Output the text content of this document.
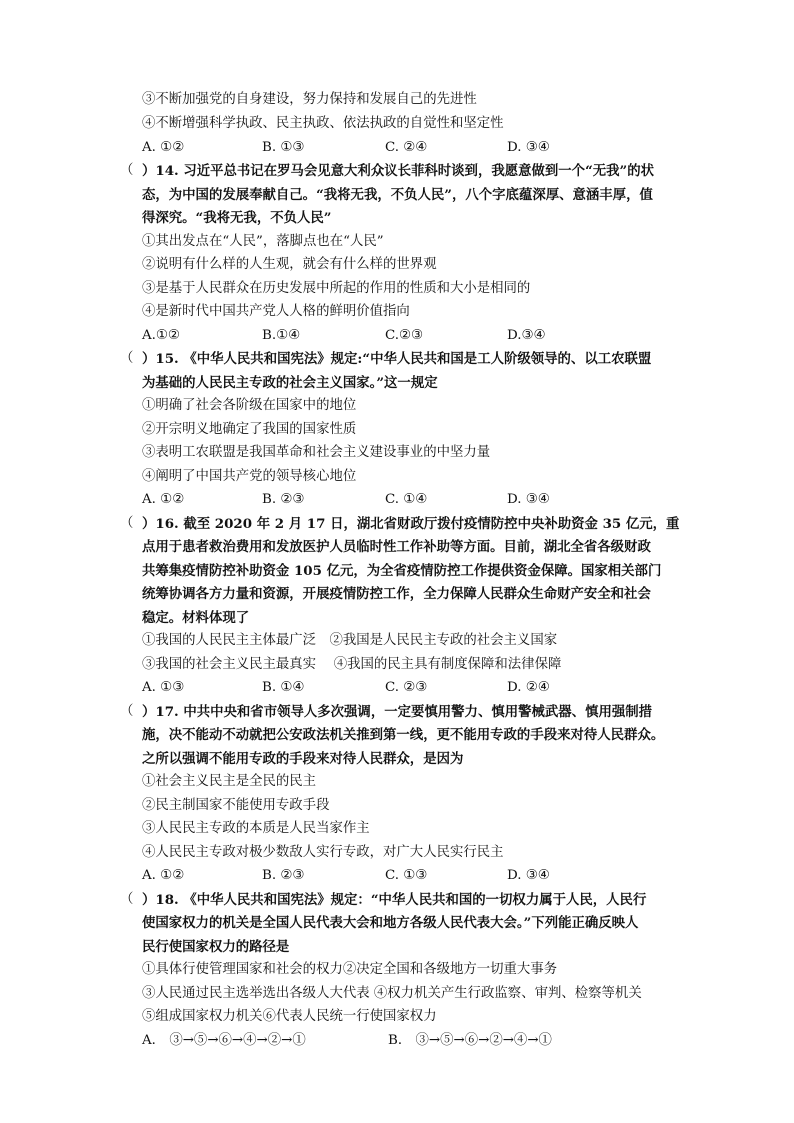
③不断加强党的自身建设，努力保持和发展自己的先进性
④不断增强科学执政、民主执政、依法执政的自觉性和坚定性
A. ①②	B. ①③	C. ②④	D. ③④
（ ）14. 习近平总书记在罗马会见意大利众议长菲科时谈到，我愿意做到一个“无我”的状
态，为中国的发展奉献自己。“我将无我，不负人民”，八个字底蕴深厚、意涵丰厚，值
得深究。“我将无我，不负人民”
①其出发点在“人民”，落脚点也在“人民”
②说明有什么样的人生观，就会有什么样的世界观
③是基于人民群众在历史发展中所起的作用的性质和大小是相同的
④是新时代中国共产党人人格的鲜明价值指向
A.①②	B.①④	C.②③	D.③④
（ ）15. 《中华人民共和国宪法》规定:“中华人民共和国是工人阶级领导的、以工农联盟
为基础的人民民主专政的社会主义国家。”这一规定
①明确了社会各阶级在国家中的地位
②开宗明义地确定了我国的国家性质
③表明工农联盟是我国革命和社会主义建设事业的中坚力量
④阐明了中国共产党的领导核心地位
A. ①②	B. ②③	C. ①④	D. ③④
（ ）16. 截至 2020 年 2 月 17 日，湖北省财政厅拨付疫情防控中央补助资金 35 亿元，重
点用于患者救治费用和发放医护人员临时性工作补助等方面。目前，湖北全省各级财政
共筹集疫情防控补助资金 105 亿元，为全省疫情防控工作提供资金保障。国家相关部门
统筹协调各方力量和资源，开展疫情防控工作，全力保障人民群众生命财产安全和社会
稳定。材料体现了
①我国的人民民主主体最广泛　②我国是人民民主专政的社会主义国家
③我国的社会主义民主最真实　 ④我国的民主具有制度保障和法律保障
A. ①③	B. ①④	C. ②③	D. ②④
（ ）17. 中共中央和省市领导人多次强调，一定要慎用警力、慎用警械武器、慎用强制措
施，决不能动不动就把公安政法机关推到第一线，更不能用专政的手段来对待人民群众。
之所以强调不能用专政的手段来对待人民群众，是因为
①社会主义民主是全民的民主
②民主制国家不能使用专政手段
③人民民主专政的本质是人民当家作主
④人民民主专政对极少数敌人实行专政，对广大人民实行民主
A. ①②	B. ②③	C. ①③	D. ③④
（ ）18. 《中华人民共和国宪法》规定：“中华人民共和国的一切权力属于人民，人民行
使国家权力的机关是全国人民代表大会和地方各级人民代表大会。”下列能正确反映人
民行使国家权力的路径是
①具体行使管理国家和社会的权力②决定全国和各级地方一切重大事务
③人民通过民主选举选出各级人大代表 ④权力机关产生行政监察、审判、检察等机关
⑤组成国家权力机关⑥代表人民统一行使国家权力
A． ③→⑤→⑥→④→②→①	B． ③→⑤→⑥→②→④→①
